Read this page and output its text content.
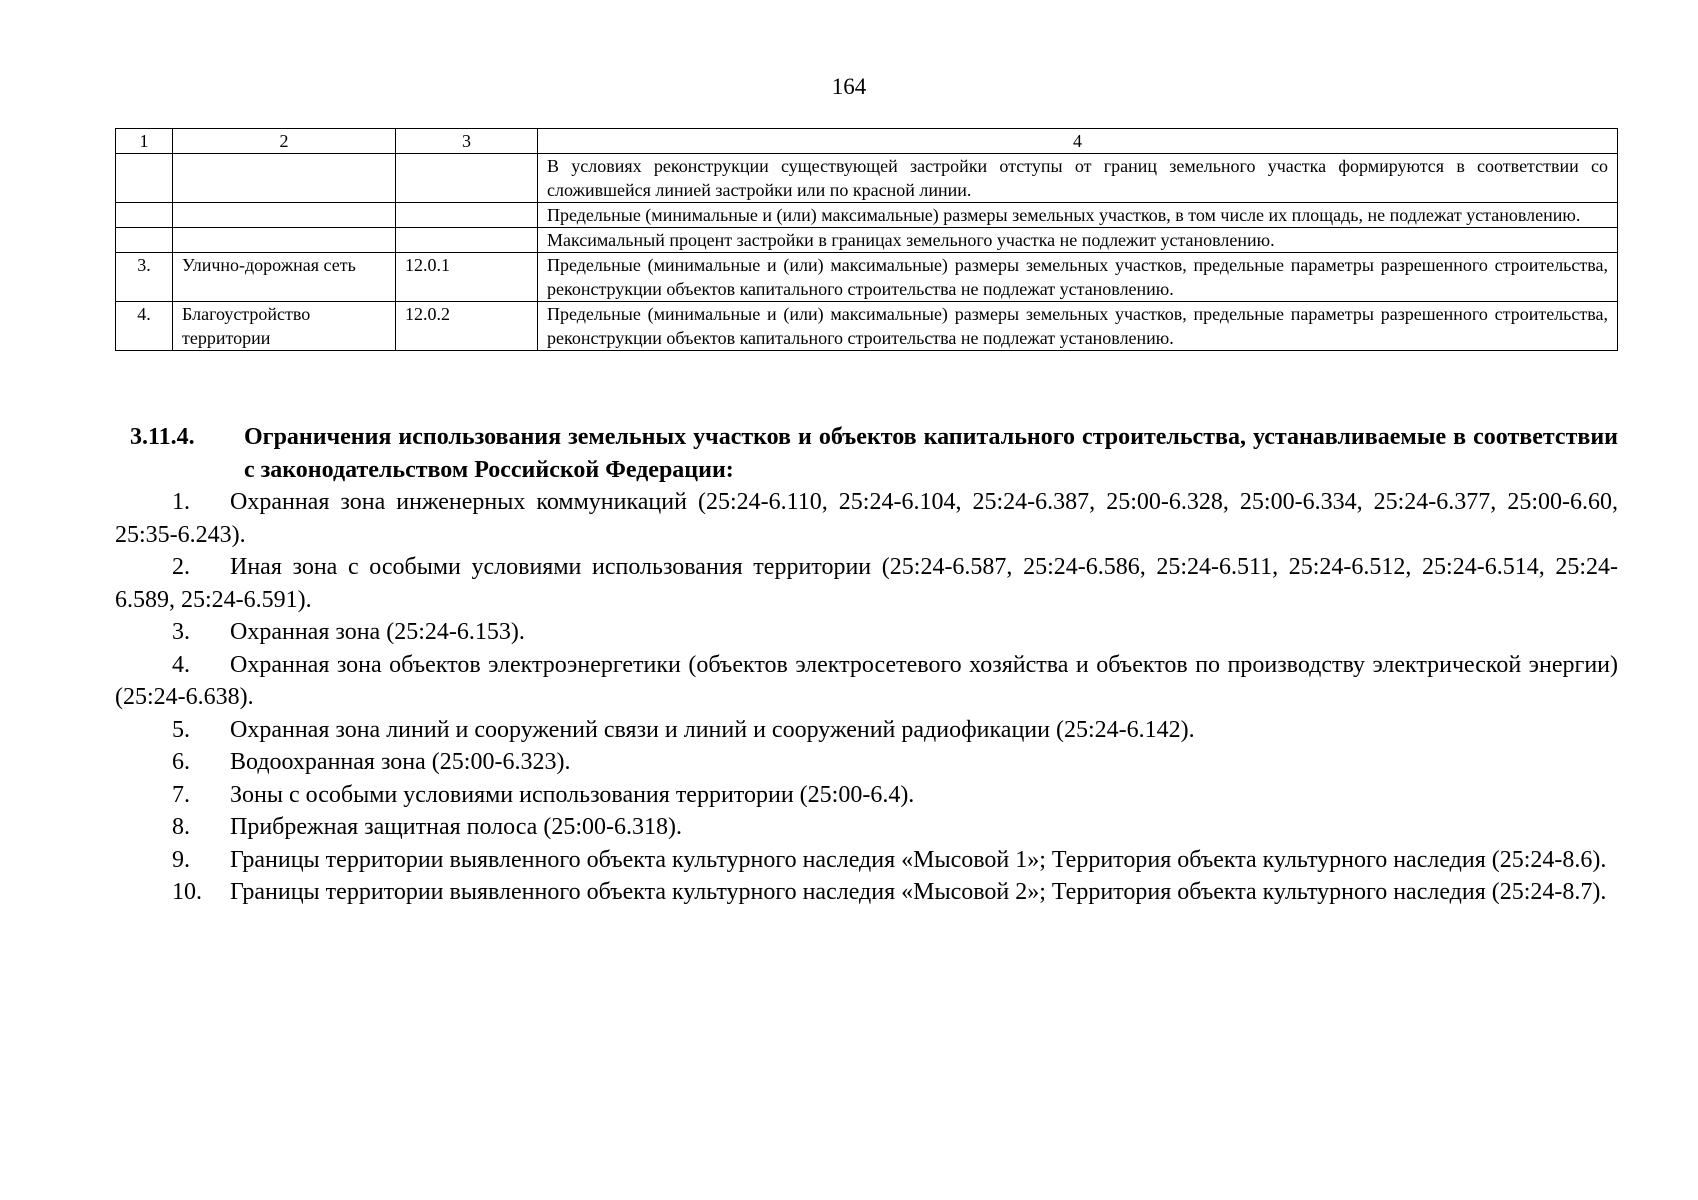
164
1	2	3	4
			В условиях реконструкции существующей застройки отступы от границ земельного участка формируются в соответствии со сложившейся линией застройки или по красной линии.
			Предельные (минимальные и (или) максимальные) размеры земельных участков, в том числе их площадь, не подлежат установлению.
			Максимальный процент застройки в границах земельного участка не подлежит установлению.
3.	Улично-дорожная сеть	12.0.1	Предельные (минимальные и (или) максимальные) размеры земельных участков, предельные параметры разрешенного строительства, реконструкции объектов капитального строительства не подлежат установлению.
4.	Благоустройство территории	12.0.2	Предельные (минимальные и (или) максимальные) размеры земельных участков, предельные параметры разрешенного строительства, реконструкции объектов капитального строительства не подлежат установлению.

3.11.4. Ограничения использования земельных участков и объектов капитального строительства, устанавливаемые в соответствии с законодательством Российской Федерации:

1. Охранная зона инженерных коммуникаций (25:24-6.110, 25:24-6.104, 25:24-6.387, 25:00-6.328, 25:00-6.334, 25:24-6.377, 25:00-6.60, 25:35-6.243).

2. Иная зона с особыми условиями использования территории (25:24-6.587, 25:24-6.586, 25:24-6.511, 25:24-6.512, 25:24-6.514, 25:24-6.589, 25:24-6.591).

3. Охранная зона (25:24-6.153).

4. Охранная зона объектов электроэнергетики (объектов электросетевого хозяйства и объектов по производству электрической энергии) (25:24-6.638).

5. Охранная зона линий и сооружений связи и линий и сооружений радиофикации (25:24-6.142).

6. Водоохранная зона (25:00-6.323).

7. Зоны с особыми условиями использования территории (25:00-6.4).

8. Прибрежная защитная полоса (25:00-6.318).

9. Границы территории выявленного объекта культурного наследия «Мысовой 1»; Территория объекта культурного наследия (25:24-8.6).

10. Границы территории выявленного объекта культурного наследия «Мысовой 2»; Территория объекта культурного наследия (25:24-8.7).
